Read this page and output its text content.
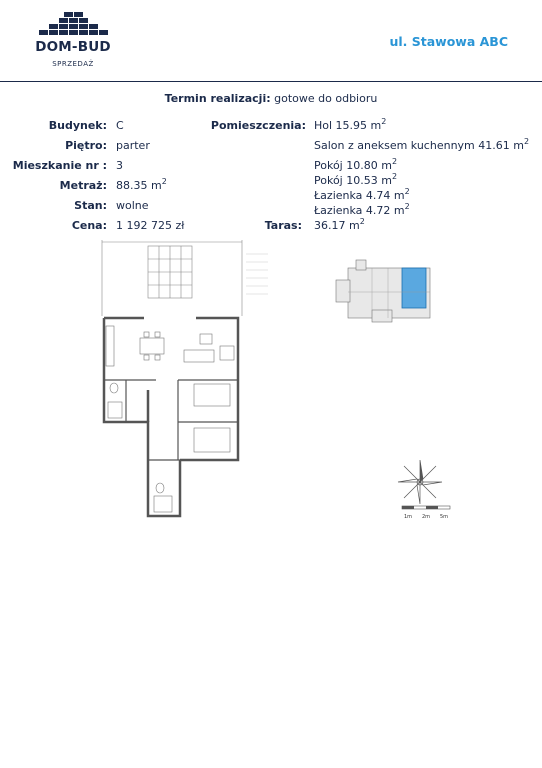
DOM-BUD
SPRZEDAŻ
ul. Stawowa ABC
Termin realizacji: gotowe do odbioru
Budynek: C
Piętro: parter
Mieszkanie nr : 3
Metraż: 88.35 $m^2$
Stan: wolne
Cena: 1 192 725 zł
Pomieszczenia: Hol 15.95 $m^2$
Salon z aneksem kuchennym 41.61 $m^2$
Pokój 10.80 $m^2$
Pokój 10.53 $m^2$
Łazienka 4.74 $m^2$
Łazienka 4.72 $m^2$
Taras:
1m 2m 5m
36.17 $m^2$
